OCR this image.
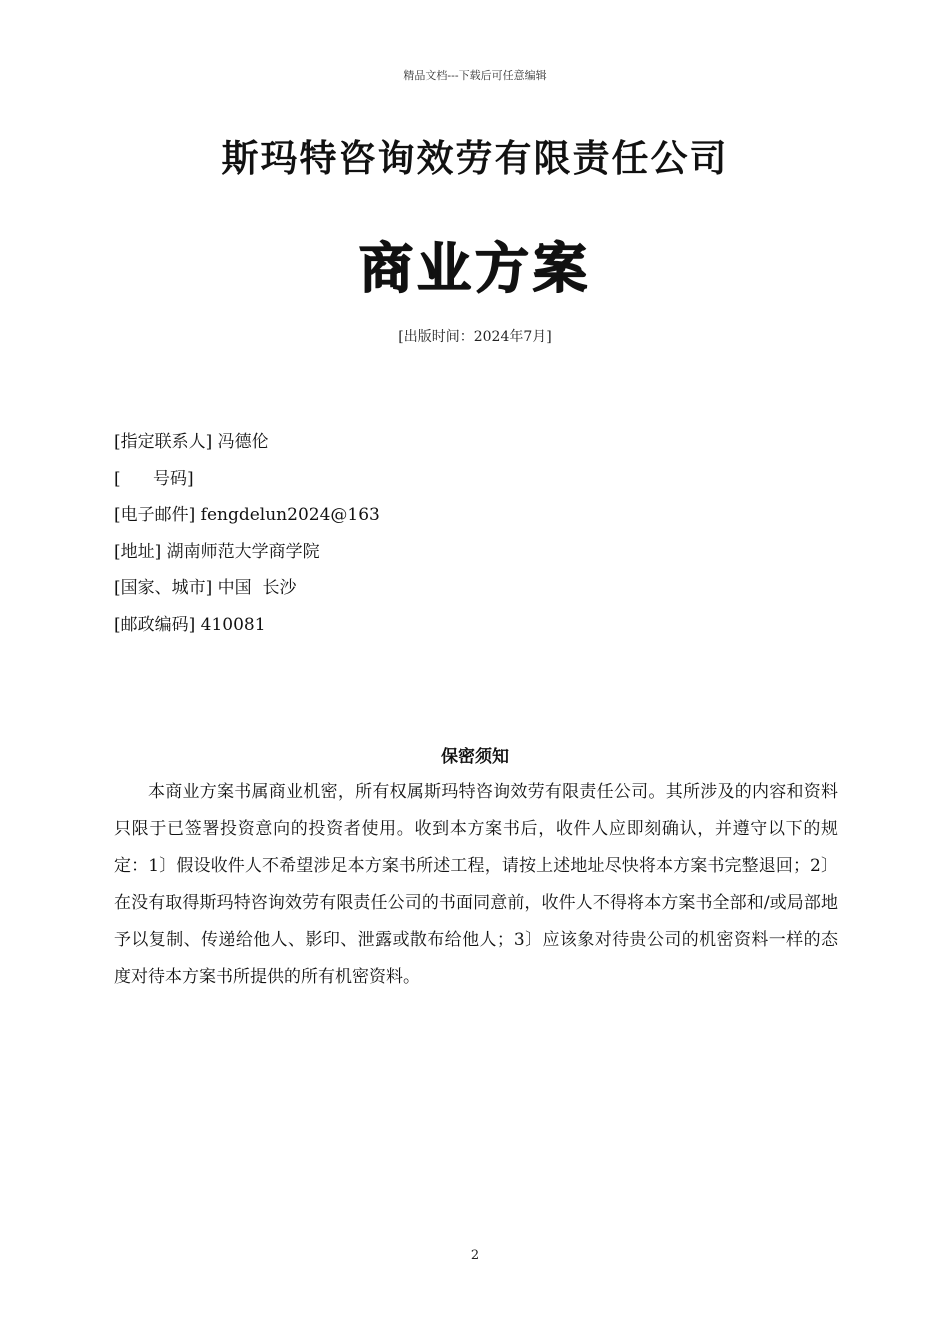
精品文档---下载后可任意编辑
斯玛特咨询效劳有限责任公司
商业方案
[出版时间：2024年7月]
[指定联系人] 冯德伦
[      号码]
[电子邮件] fengdelun2024@163
[地址] 湖南师范大学商学院
[国家、城市] 中国  长沙
[邮政编码] 410081
保密须知
本商业方案书属商业机密，所有权属斯玛特咨询效劳有限责任公司。其所涉及的内容和资料只限于已签署投资意向的投资者使用。收到本方案书后，收件人应即刻确认，并遵守以下的规定：1〕假设收件人不希望涉足本方案书所述工程，请按上述地址尽快将本方案书完整退回；2〕在没有取得斯玛特咨询效劳有限责任公司的书面同意前，收件人不得将本方案书全部和/或局部地予以复制、传递给他人、影印、泄露或散布给他人；3〕应该象对待贵公司的机密资料一样的态度对待本方案书所提供的所有机密资料。
2
